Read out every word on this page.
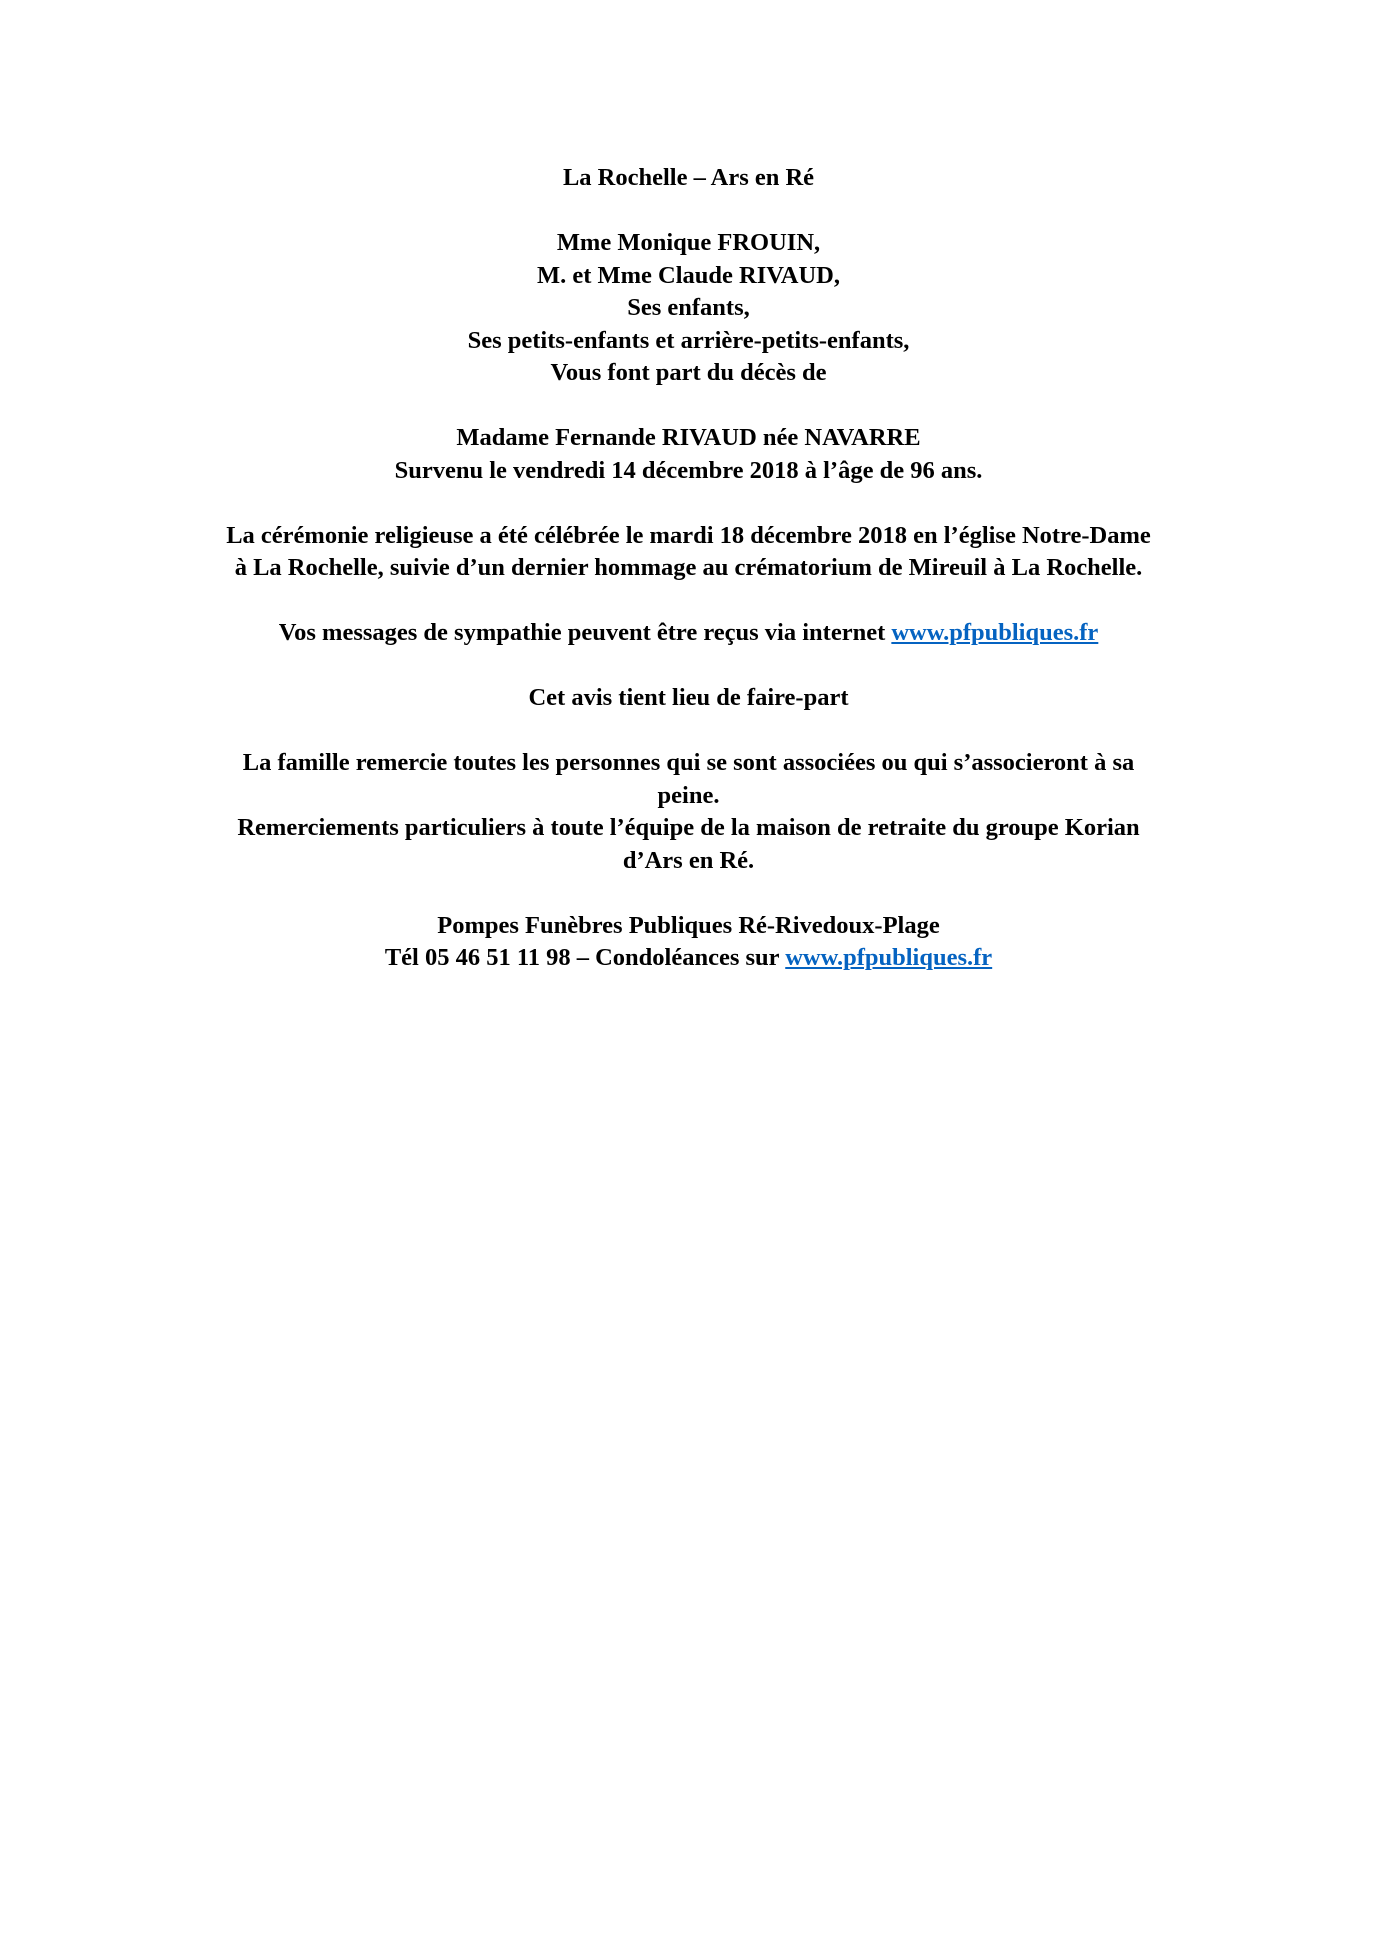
La Rochelle – Ars en Ré

Mme Monique FROUIN,
M. et Mme Claude RIVAUD,
Ses enfants,
Ses petits-enfants et arrière-petits-enfants,
Vous font part du décès de

Madame Fernande RIVAUD née NAVARRE
Survenu le vendredi 14 décembre 2018 à l’âge de 96 ans.

La cérémonie religieuse a été célébrée le mardi 18 décembre 2018 en l’église Notre-Dame
à La Rochelle, suivie d’un dernier hommage au crématorium de Mireuil à La Rochelle.

Vos messages de sympathie peuvent être reçus via internet www.pfpubliques.fr

Cet avis tient lieu de faire-part

La famille remercie toutes les personnes qui se sont associées ou qui s’associeront à sa
peine.
Remerciements particuliers à toute l’équipe de la maison de retraite du groupe Korian
d’Ars en Ré.

Pompes Funèbres Publiques Ré-Rivedoux-Plage
Tél 05 46 51 11 98 – Condoléances sur www.pfpubliques.fr
